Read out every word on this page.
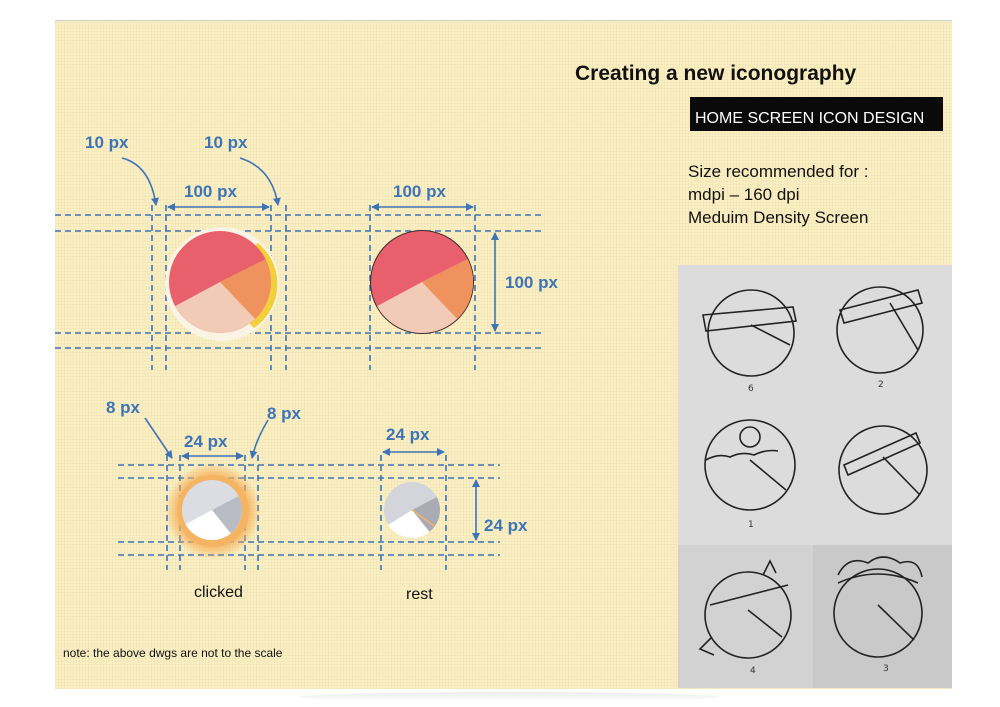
Creating a new iconography
HOME SCREEN ICON DESIGN
Size recommended for :
mdpi – 160 dpi
Meduim Density Screen
10 px	10 px
100 px	100 px
100 px
8 px	8 px
24 px	24 px
24 px
clicked	rest
note: the above dwgs are not to the scale
6	2
1
4	3
